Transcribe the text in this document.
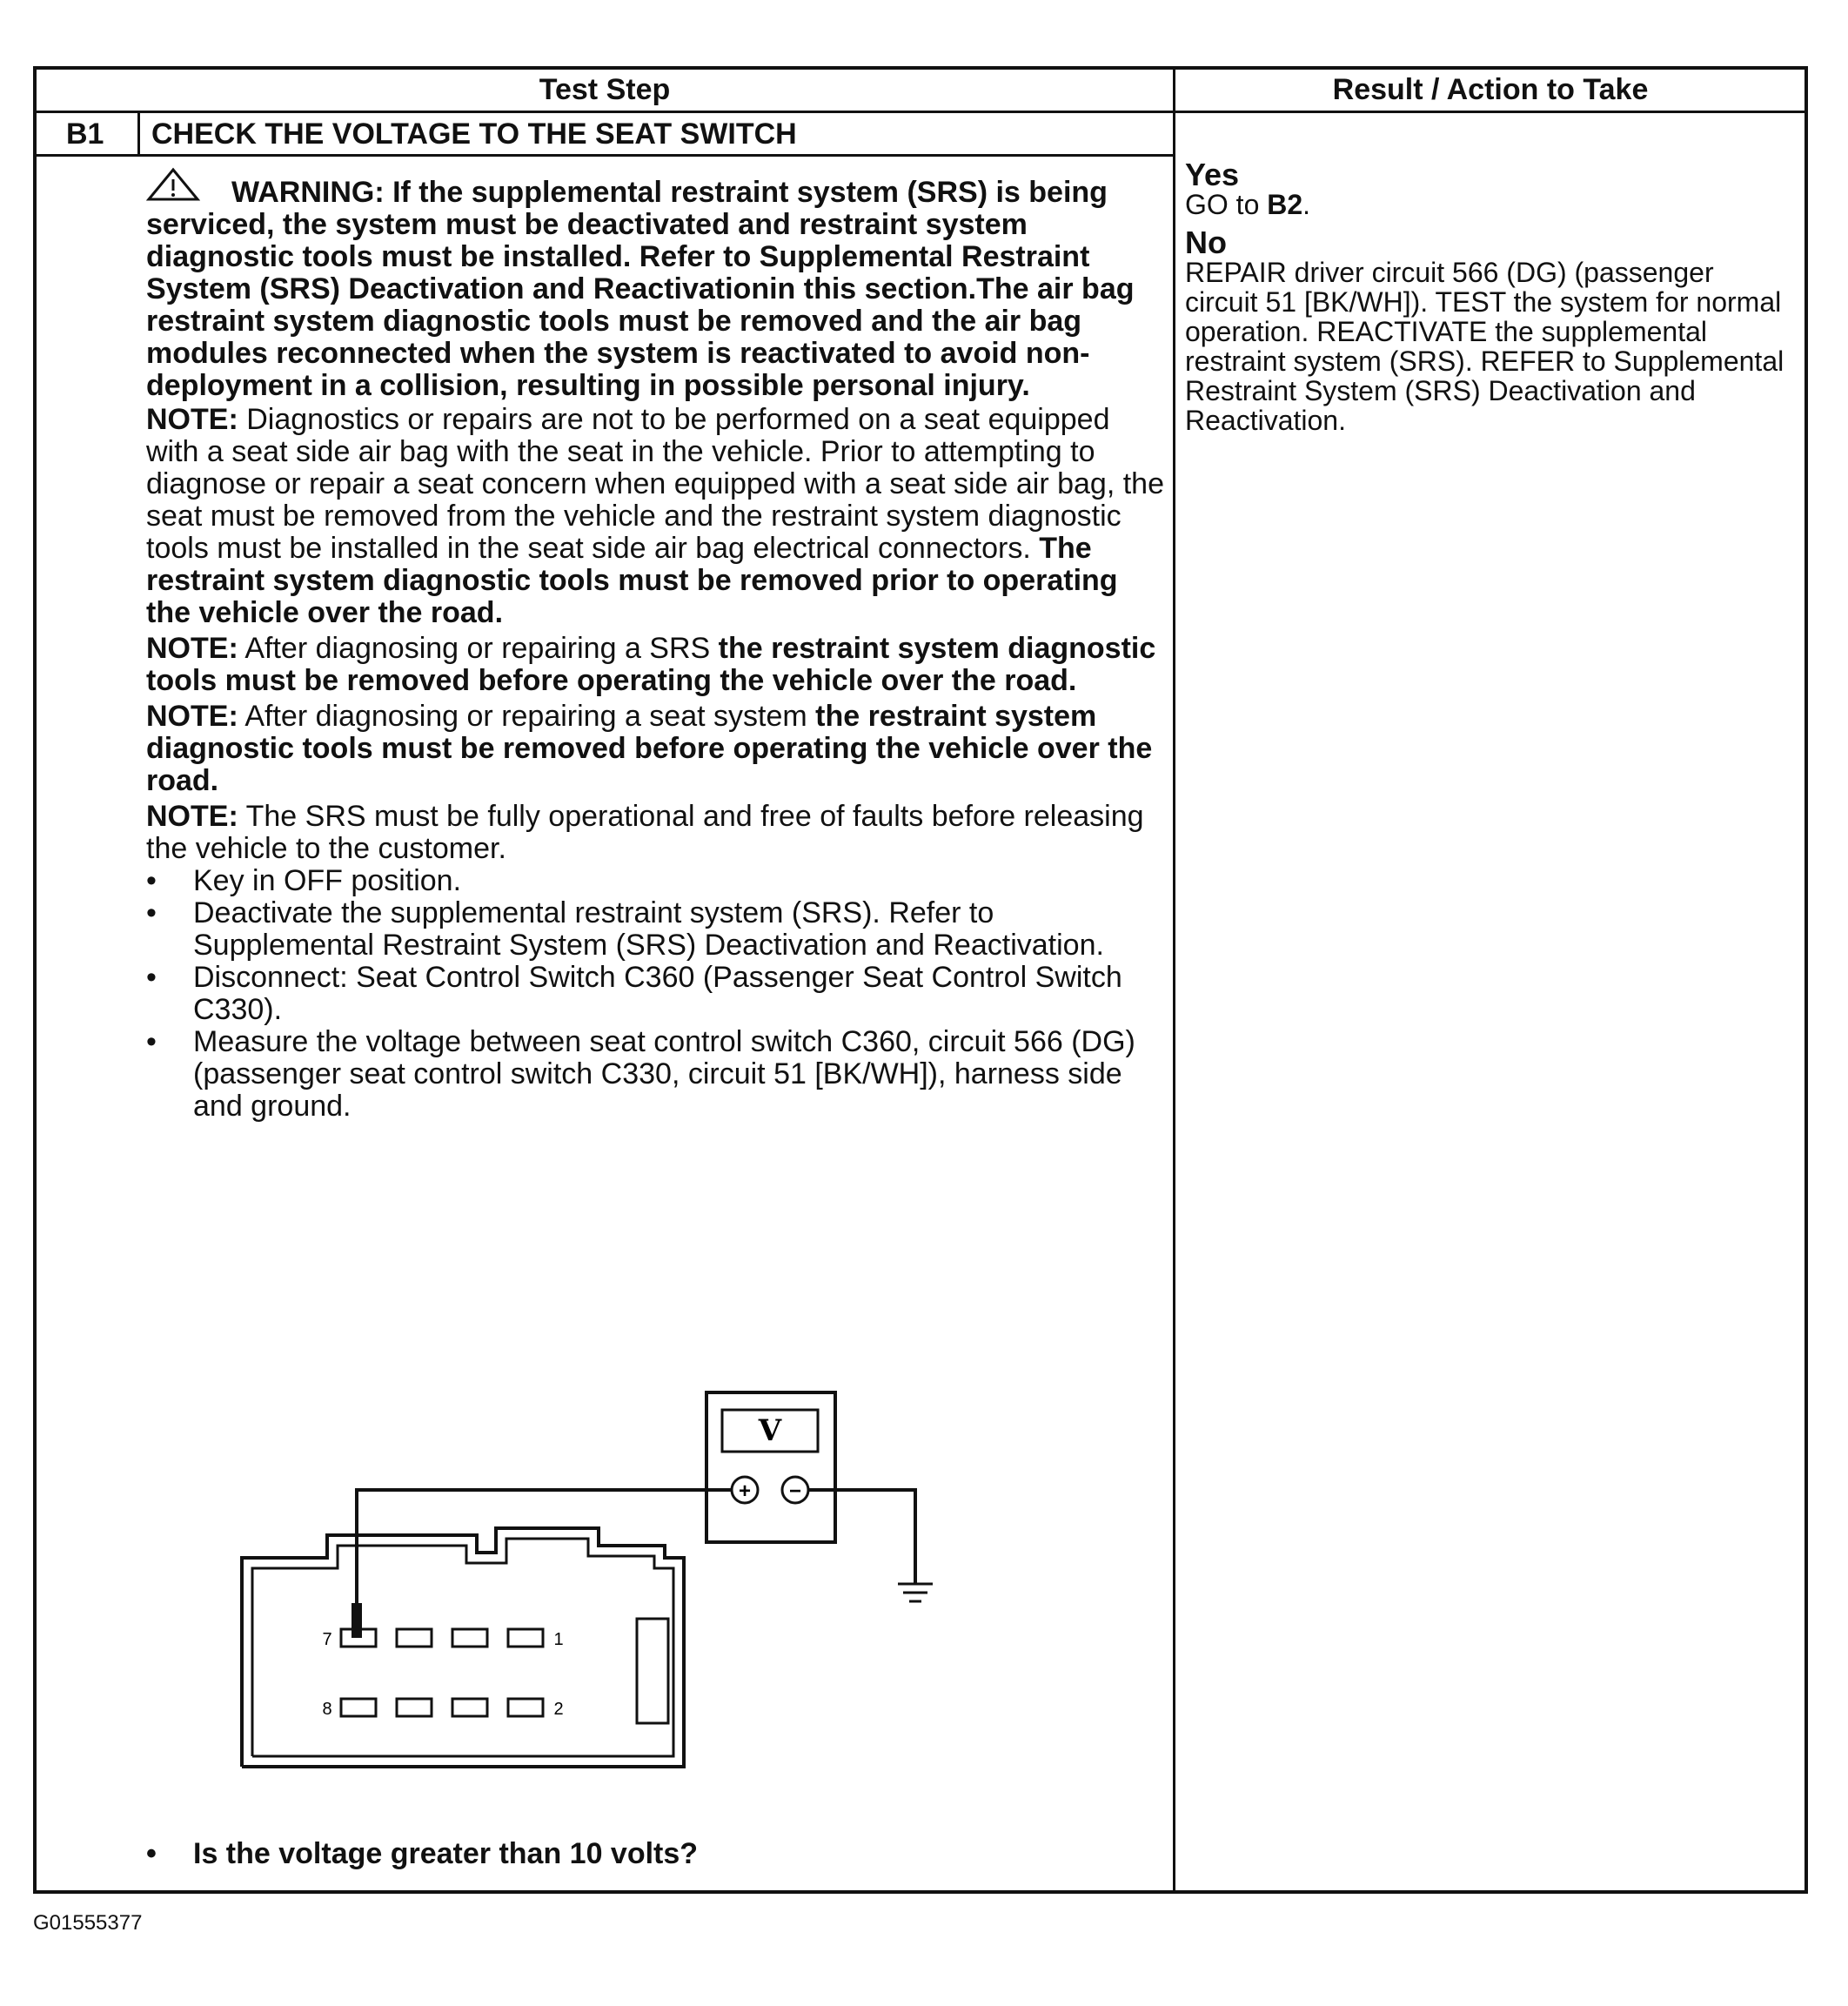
Test Step	Result / Action to Take
B1 CHECK THE VOLTAGE TO THE SEAT SWITCH

WARNING: If the supplemental restraint system (SRS) is being serviced, the system must be deactivated and restraint system diagnostic tools must be installed. Refer to Supplemental Restraint System (SRS) Deactivation and Reactivationin this section.The air bag restraint system diagnostic tools must be removed and the air bag modules reconnected when the system is reactivated to avoid non-deployment in a collision, resulting in possible personal injury.

NOTE: Diagnostics or repairs are not to be performed on a seat equipped with a seat side air bag with the seat in the vehicle. Prior to attempting to diagnose or repair a seat concern when equipped with a seat side air bag, the seat must be removed from the vehicle and the restraint system diagnostic tools must be installed in the seat side air bag electrical connectors. The restraint system diagnostic tools must be removed prior to operating the vehicle over the road.

NOTE: After diagnosing or repairing a SRS the restraint system diagnostic tools must be removed before operating the vehicle over the road.

NOTE: After diagnosing or repairing a seat system the restraint system diagnostic tools must be removed before operating the vehicle over the road.

NOTE: The SRS must be fully operational and free of faults before releasing the vehicle to the customer.

• Key in OFF position.
• Deactivate the supplemental restraint system (SRS). Refer to Supplemental Restraint System (SRS) Deactivation and Reactivation.
• Disconnect: Seat Control Switch C360 (Passenger Seat Control Switch C330).
• Measure the voltage between seat control switch C360, circuit 566 (DG) (passenger seat control switch C330, circuit 51 [BK/WH]), harness side and ground.
V
+ −
7	1
8	2
• Is the voltage greater than 10 volts?

Yes

GO to B2.

No

REPAIR driver circuit 566 (DG) (passenger circuit 51 [BK/WH]). TEST the system for normal operation. REACTIVATE the supplemental restraint system (SRS). REFER to Supplemental Restraint System (SRS) Deactivation and Reactivation.

G01555377
